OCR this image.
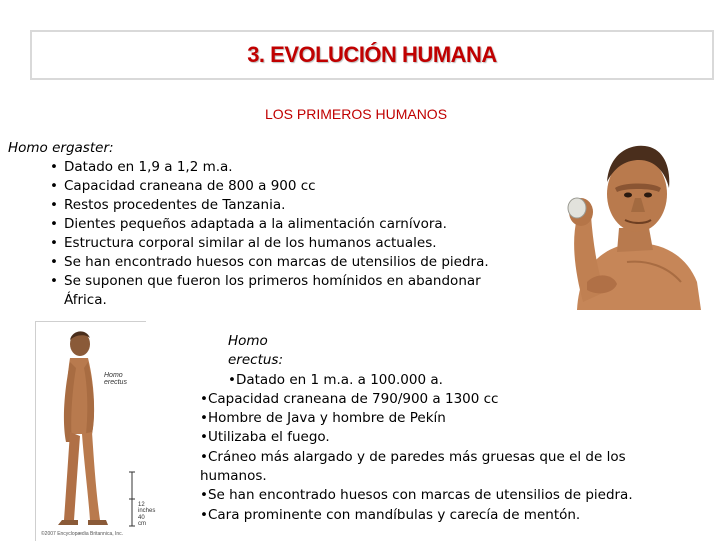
3. EVOLUCIÓN HUMANA
LOS PRIMEROS HUMANOS
Homo ergaster:
• Datado en 1,9 a 1,2 m.a.
• Capacidad craneana de 800 a 900 cc
• Restos procedentes de Tanzania.
• Dientes pequeños adaptada a la alimentación carnívora.
• Estructura corporal similar al de los humanos actuales.
• Se han encontrado huesos con marcas de utensilios de piedra.
• Se suponen que fueron los primeros homínidos en abandonar África.
Homo erectus
12 inches
40 cm
©2007 Encyclopædia Britannica, Inc.
Homo
erectus:
•Datado en 1 m.a. a 100.000 a.
•Capacidad craneana de 790/900 a 1300 cc
•Hombre de Java y hombre de Pekín
•Utilizaba el fuego.
•Cráneo más alargado y de paredes más gruesas que el de los humanos.
•Se han encontrado huesos con marcas de utensilios de piedra.
•Cara prominente con mandíbulas y carecía de mentón.
